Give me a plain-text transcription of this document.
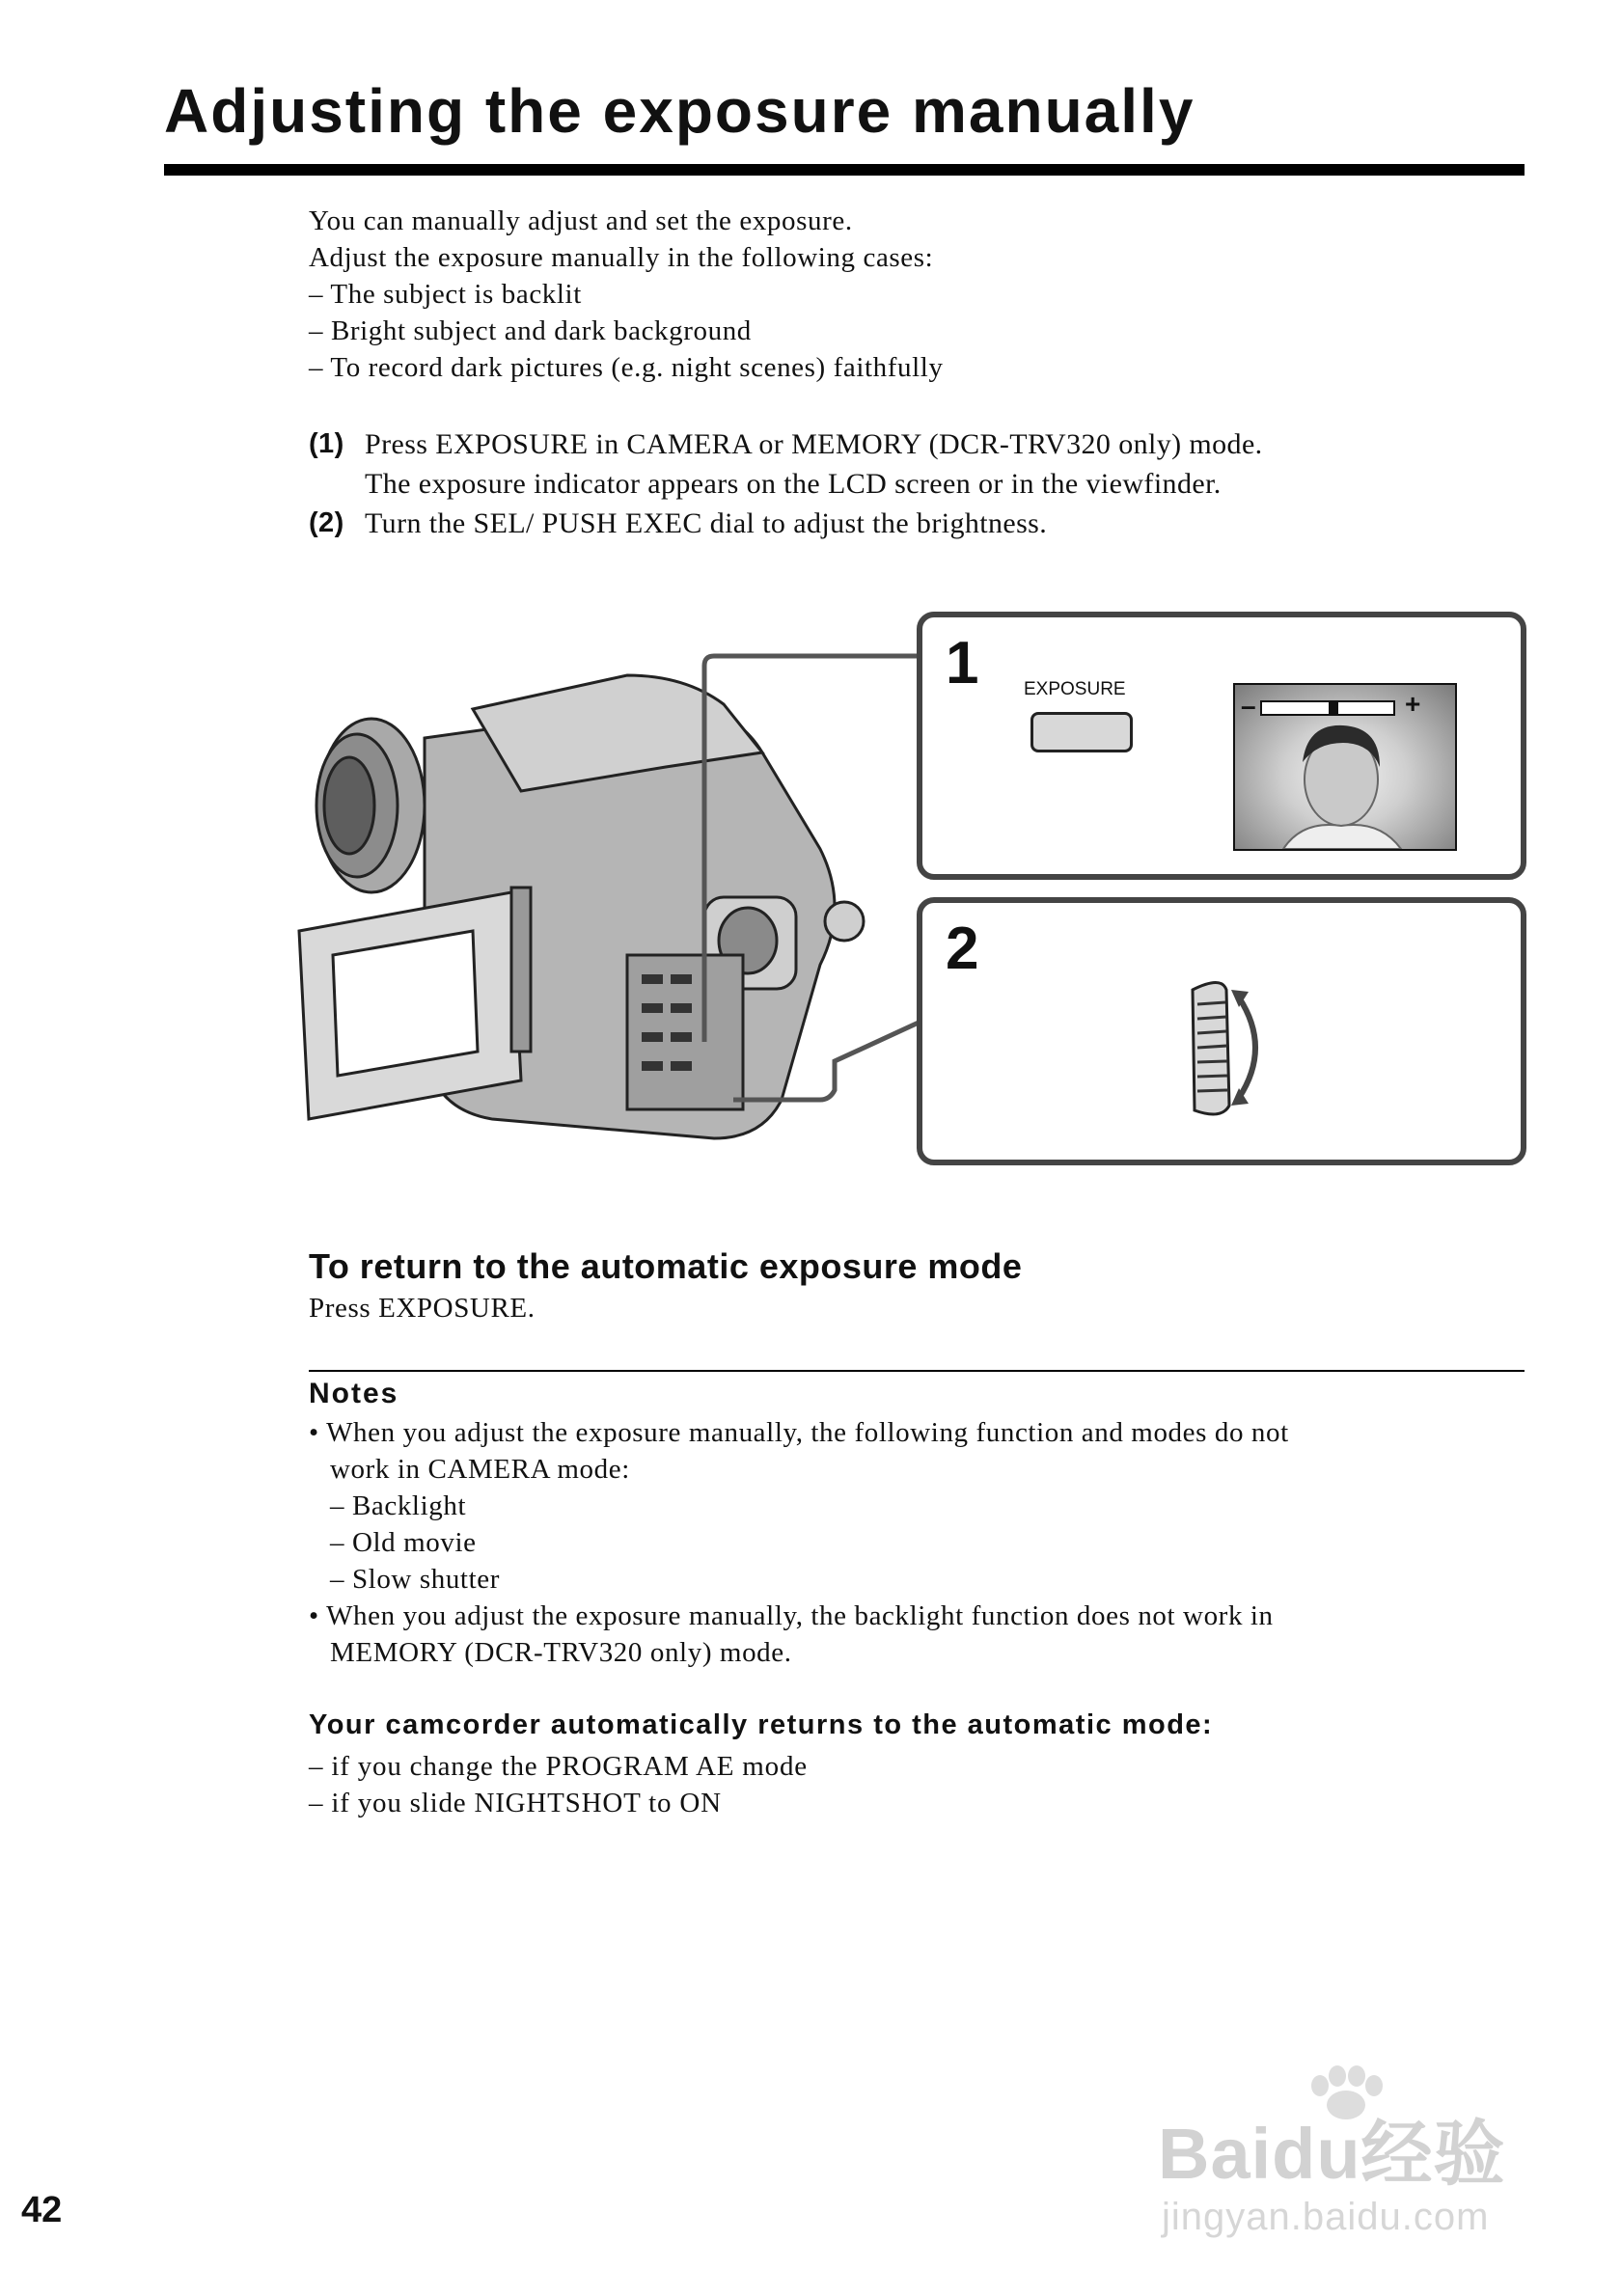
Adjusting the exposure manually
You can manually adjust and set the exposure.
Adjust the exposure manually in the following cases:
– The subject is backlit
– Bright subject and dark background
– To record dark pictures (e.g. night scenes) faithfully
(1) Press EXPOSURE in CAMERA or MEMORY (DCR-TRV320 only) mode.
The exposure indicator appears on the LCD screen or in the viewfinder.
(2) Turn the SEL/ PUSH EXEC dial to adjust the brightness.
1 EXPOSURE
–	+
2
To return to the automatic exposure mode
Press EXPOSURE.
Notes
• When you adjust the exposure manually, the following function and modes do not
work in CAMERA mode:
– Backlight
– Old movie
– Slow shutter
• When you adjust the exposure manually, the backlight function does not work in
MEMORY (DCR-TRV320 only) mode.
Your camcorder automatically returns to the automatic mode:
– if you change the PROGRAM AE mode
– if you slide NIGHTSHOT to ON
42
Baidu经验
jingyan.baidu.com
